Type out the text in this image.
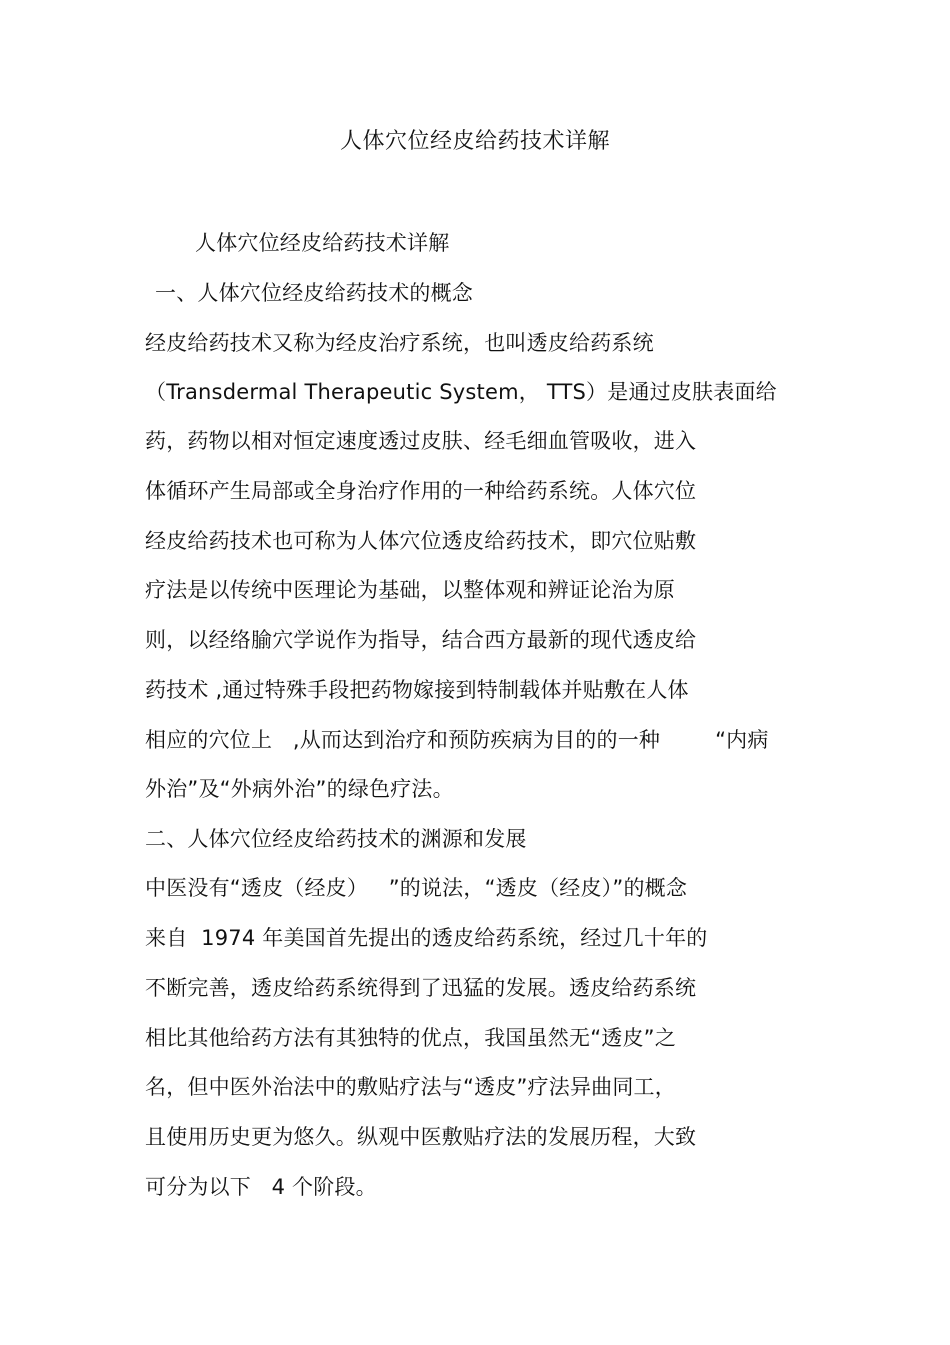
人体穴位经皮给药技术详解
人体穴位经皮给药技术详解
一、人体穴位经皮给药技术的概念
经皮给药技术又称为经皮治疗系统，也叫透皮给药系统
（Transdermal Therapeutic System， TTS）是通过皮肤表面给
药，药物以相对恒定速度透过皮肤、经毛细血管吸收，进入
体循环产生局部或全身治疗作用的一种给药系统。人体穴位
经皮给药技术也可称为人体穴位透皮给药技术，即穴位贴敷
疗法是以传统中医理论为基础，以整体观和辨证论治为原
则，以经络腧穴学说作为指导，结合西方最新的现代透皮给
药技术 ,通过特殊手段把药物嫁接到特制载体并贴敷在人体
相应的穴位上   ,从而达到治疗和预防疾病为目的的一种        “内病
外治”及“外病外治”的绿色疗法。
二、人体穴位经皮给药技术的渊源和发展
中医没有“透皮（经皮）   ”的说法，“透皮（经皮）”的概念
来自  1974 年美国首先提出的透皮给药系统，经过几十年的
不断完善，透皮给药系统得到了迅猛的发展。透皮给药系统
相比其他给药方法有其独特的优点，我国虽然无“透皮”之
名，但中医外治法中的敷贴疗法与“透皮”疗法异曲同工，
且使用历史更为悠久。纵观中医敷贴疗法的发展历程，大致
可分为以下   4 个阶段。
